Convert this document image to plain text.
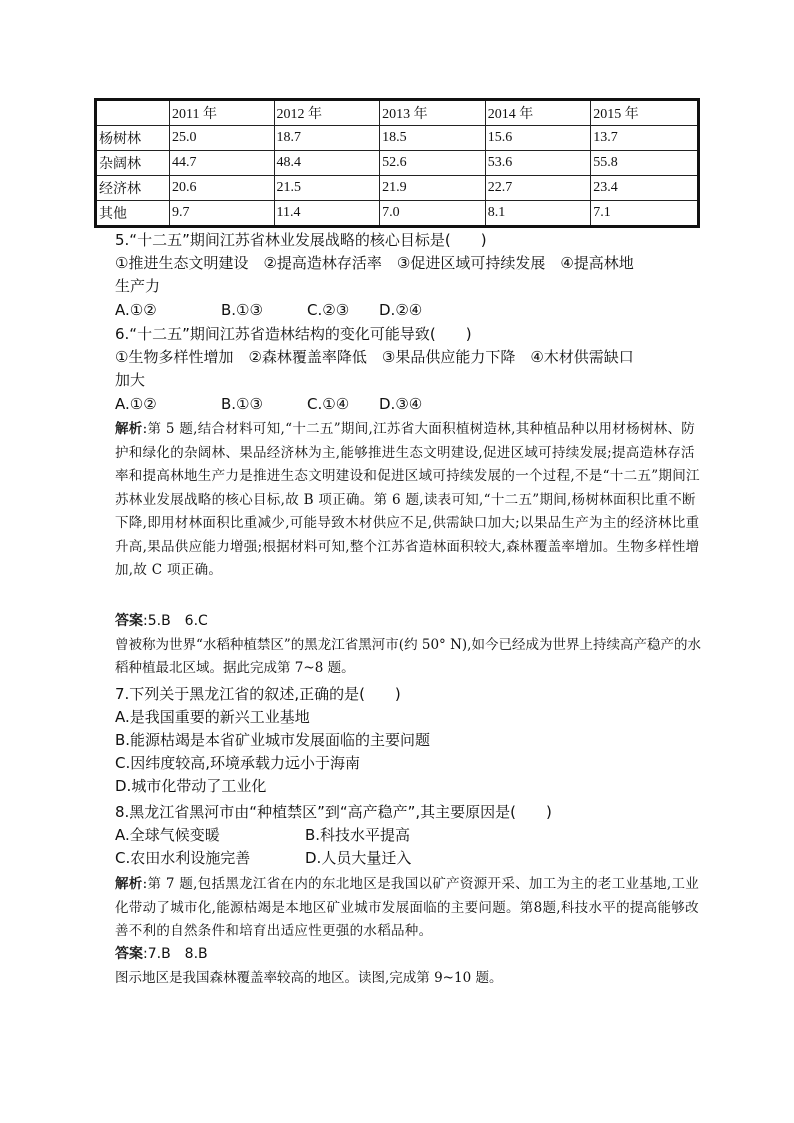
	2011 年	2012 年	2013 年	2014 年	2015 年
杨树林	25.0	18.7	18.5	15.6	13.7
杂阔林	44.7	48.4	52.6	53.6	55.8
经济林	20.6	21.5	21.9	22.7	23.4
其他	9.7	11.4	7.0	8.1	7.1

5.“十二五”期间江苏省林业发展战略的核心目标是(　　)

①推进生态文明建设　②提高造林存活率　③促进区域可持续发展　④提高林地

生产力

A.①②	B.①③	C.②③	D.②④

6.“十二五”期间江苏省造林结构的变化可能导致(　　)

①生物多样性增加　②森林覆盖率降低　③果品供应能力下降　④木材供需缺口

加大

A.①②	B.①③	C.①④	D.③④

解析:第 5 题,结合材料可知,“十二五”期间,江苏省大面积植树造林,其种植品种以用材杨树林、防护和绿化的杂阔林、果品经济林为主,能够推进生态文明建设,促进区域可持续发展;提高造林存活率和提高林地生产力是推进生态文明建设和促进区域可持续发展的一个过程,不是“十二五”期间江苏林业发展战略的核心目标,故 B 项正确。第 6 题,读表可知,“十二五”期间,杨树林面积比重不断下降,即用材林面积比重减少,可能导致木材供应不足,供需缺口加大;以果品生产为主的经济林比重升高,果品供应能力增强;根据材料可知,整个江苏省造林面积较大,森林覆盖率增加。生物多样性增加,故 C 项正确。

答案:5.B　6.C

曾被称为世界“水稻种植禁区”的黑龙江省黑河市(约 50° N),如今已经成为世界上持续高产稳产的水稻种植最北区域。据此完成第 7~8 题。

7.下列关于黑龙江省的叙述,正确的是(　　)

A.是我国重要的新兴工业基地

B.能源枯竭是本省矿业城市发展面临的主要问题

C.因纬度较高,环境承载力远小于海南

D.城市化带动了工业化

8.黑龙江省黑河市由“种植禁区”到“高产稳产”,其主要原因是(　　)

A.全球气候变暖	B.科技水平提高
C.农田水利设施完善	D.人员大量迁入

解析:第 7 题,包括黑龙江省在内的东北地区是我国以矿产资源开采、加工为主的老工业基地,工业化带动了城市化,能源枯竭是本地区矿业城市发展面临的主要问题。第8题,科技水平的提高能够改善不利的自然条件和培育出适应性更强的水稻品种。

答案:7.B　8.B

图示地区是我国森林覆盖率较高的地区。读图,完成第 9~10 题。
